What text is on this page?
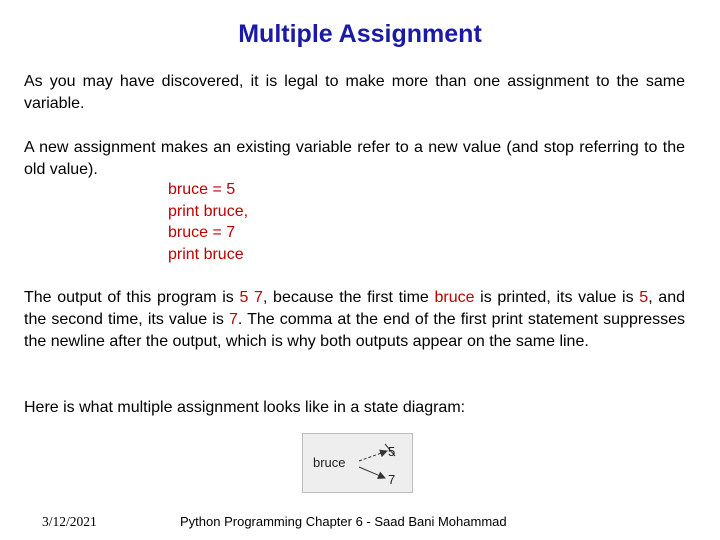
Multiple Assignment

As you may have discovered, it is legal to make more than one assignment to the same variable.

A new assignment makes an existing variable refer to a new value (and stop referring to the old value).

bruce = 5
print bruce,
bruce = 7
print bruce

The output of this program is 5 7, because the first time bruce is printed, its value is 5, and the second time, its value is 7. The comma at the end of the first print statement suppresses the newline after the output, which is why both outputs appear on the same line.

Here is what multiple assignment looks like in a state diagram:

bruce
5
7
3/12/2021	Python Programming Chapter 6 - Saad Bani Mohammad
